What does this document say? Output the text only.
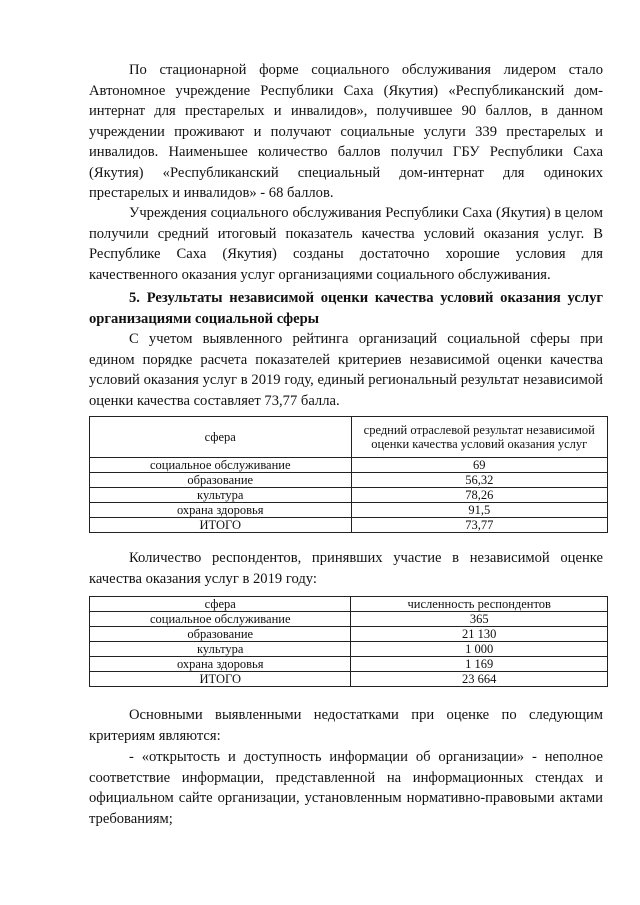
По стационарной форме социального обслуживания лидером стало Автономное учреждение Республики Саха (Якутия) «Республиканский дом-интернат для престарелых и инвалидов», получившее 90 баллов, в данном учреждении проживают и получают социальные услуги 339 престарелых и инвалидов. Наименьшее количество баллов получил ГБУ Республики Саха (Якутия) «Республиканский специальный дом-интернат для одиноких престарелых и инвалидов» - 68 баллов.
Учреждения социального обслуживания Республики Саха (Якутия) в целом получили средний итоговый показатель качества условий оказания услуг. В Республике Саха (Якутия) созданы достаточно хорошие условия для качественного оказания услуг организациями социального обслуживания.
5. Результаты независимой оценки качества условий оказания услуг организациями социальной сферы
С учетом выявленного рейтинга организаций социальной сферы при едином порядке расчета показателей критериев независимой оценки качества условий оказания услуг в 2019 году, единый региональный результат независимой оценки качества составляет 73,77 балла.
сфера	средний отраслевой результат независимой оценки качества условий оказания услуг
социальное обслуживание	69
образование	56,32
культура	78,26
охрана здоровья	91,5
ИТОГО	73,77
Количество респондентов, принявших участие в независимой оценке качества оказания услуг в 2019 году:
сфера	численность респондентов
социальное обслуживание	365
образование	21 130
культура	1 000
охрана здоровья	1 169
ИТОГО	23 664
Основными выявленными недостатками при оценке по следующим критериям являются:
- «открытость и доступность информации об организации» - неполное соответствие информации, представленной на информационных стендах и официальном сайте организации, установленным нормативно-правовыми актами требованиям;
